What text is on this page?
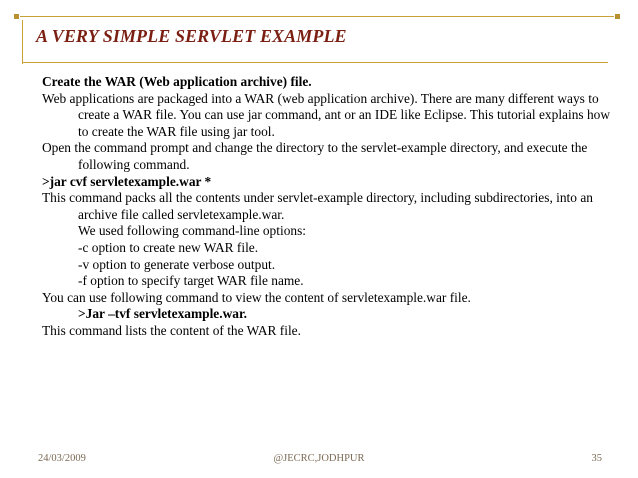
A VERY SIMPLE SERVLET EXAMPLE

Create the WAR (Web application archive) file.

Web applications are packaged into a WAR (web application archive). There are many different ways to create a WAR file. You can use jar command, ant or an IDE like Eclipse. This tutorial explains how to create the WAR file using jar tool.

Open the command prompt and change the directory to the servlet-example directory, and execute the following command.

>jar cvf servletexample.war *

This command packs all the contents under servlet-example directory, including subdirectories, into an archive file called servletexample.war.

We used following command-line options:

-c option to create new WAR file.

-v option to generate verbose output.

-f option to specify target WAR file name.

You can use following command to view the content of servletexample.war file.

>Jar –tvf servletexample.war.

This command lists the content of the WAR file.

24/03/2009	@JECRC,JODHPUR	35
